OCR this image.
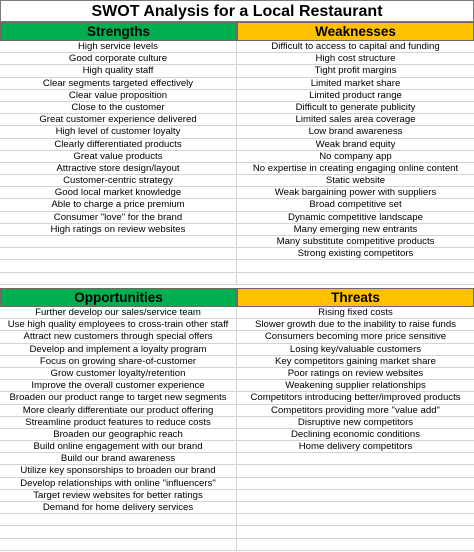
SWOT Analysis for a Local Restaurant
Strengths
High service levels
Good corporate culture
High quality staff
Clear segments targeted effectively
Clear value proposition
Close to the customer
Great customer experience delivered
High level of customer loyalty
Clearly differentiated products
Great value products
Attractive store design/layout
Customer-centric strategy
Good local market knowledge
Able to charge a price premium
Consumer "love" for the brand
High ratings on review websites
Weaknesses
Difficult to access to capital and funding
High cost structure
Tight profit margins
Limited market share
Limited product range
Difficult to generate publicity
Limited sales area coverage
Low brand awareness
Weak brand equity
No company app
No expertise in creating engaging online content
Static website
Weak bargaining power with suppliers
Broad competitive set
Dynamic competitive landscape
Many emerging new entrants
Many substitute competitive products
Strong existing competitors
Opportunities
Further develop our sales/service team
Use high quality employees to cross-train other staff
Attract new customers through special offers
Develop and implement a loyalty program
Focus on growing share-of-customer
Grow customer loyalty/retention
Improve the overall customer experience
Broaden our product range to target new segments
More clearly differentiate our product offering
Streamline product features to reduce costs
Broaden our geographic reach
Build online engagement with our brand
Build our brand awareness
Utilize key sponsorships to broaden our brand
Develop relationships with online "influencers"
Target review websites for better ratings
Demand for home delivery services
Threats
Rising fixed costs
Slower growth due to the inability to raise funds
Consumers becoming more price sensitive
Losing key/valuable customers
Key competitors gaining market share
Poor ratings on review websites
Weakening supplier relationships
Competitors introducing better/improved products
Competitors providing more "value add"
Disruptive new competitors
Declining economic conditions
Home delivery competitors
